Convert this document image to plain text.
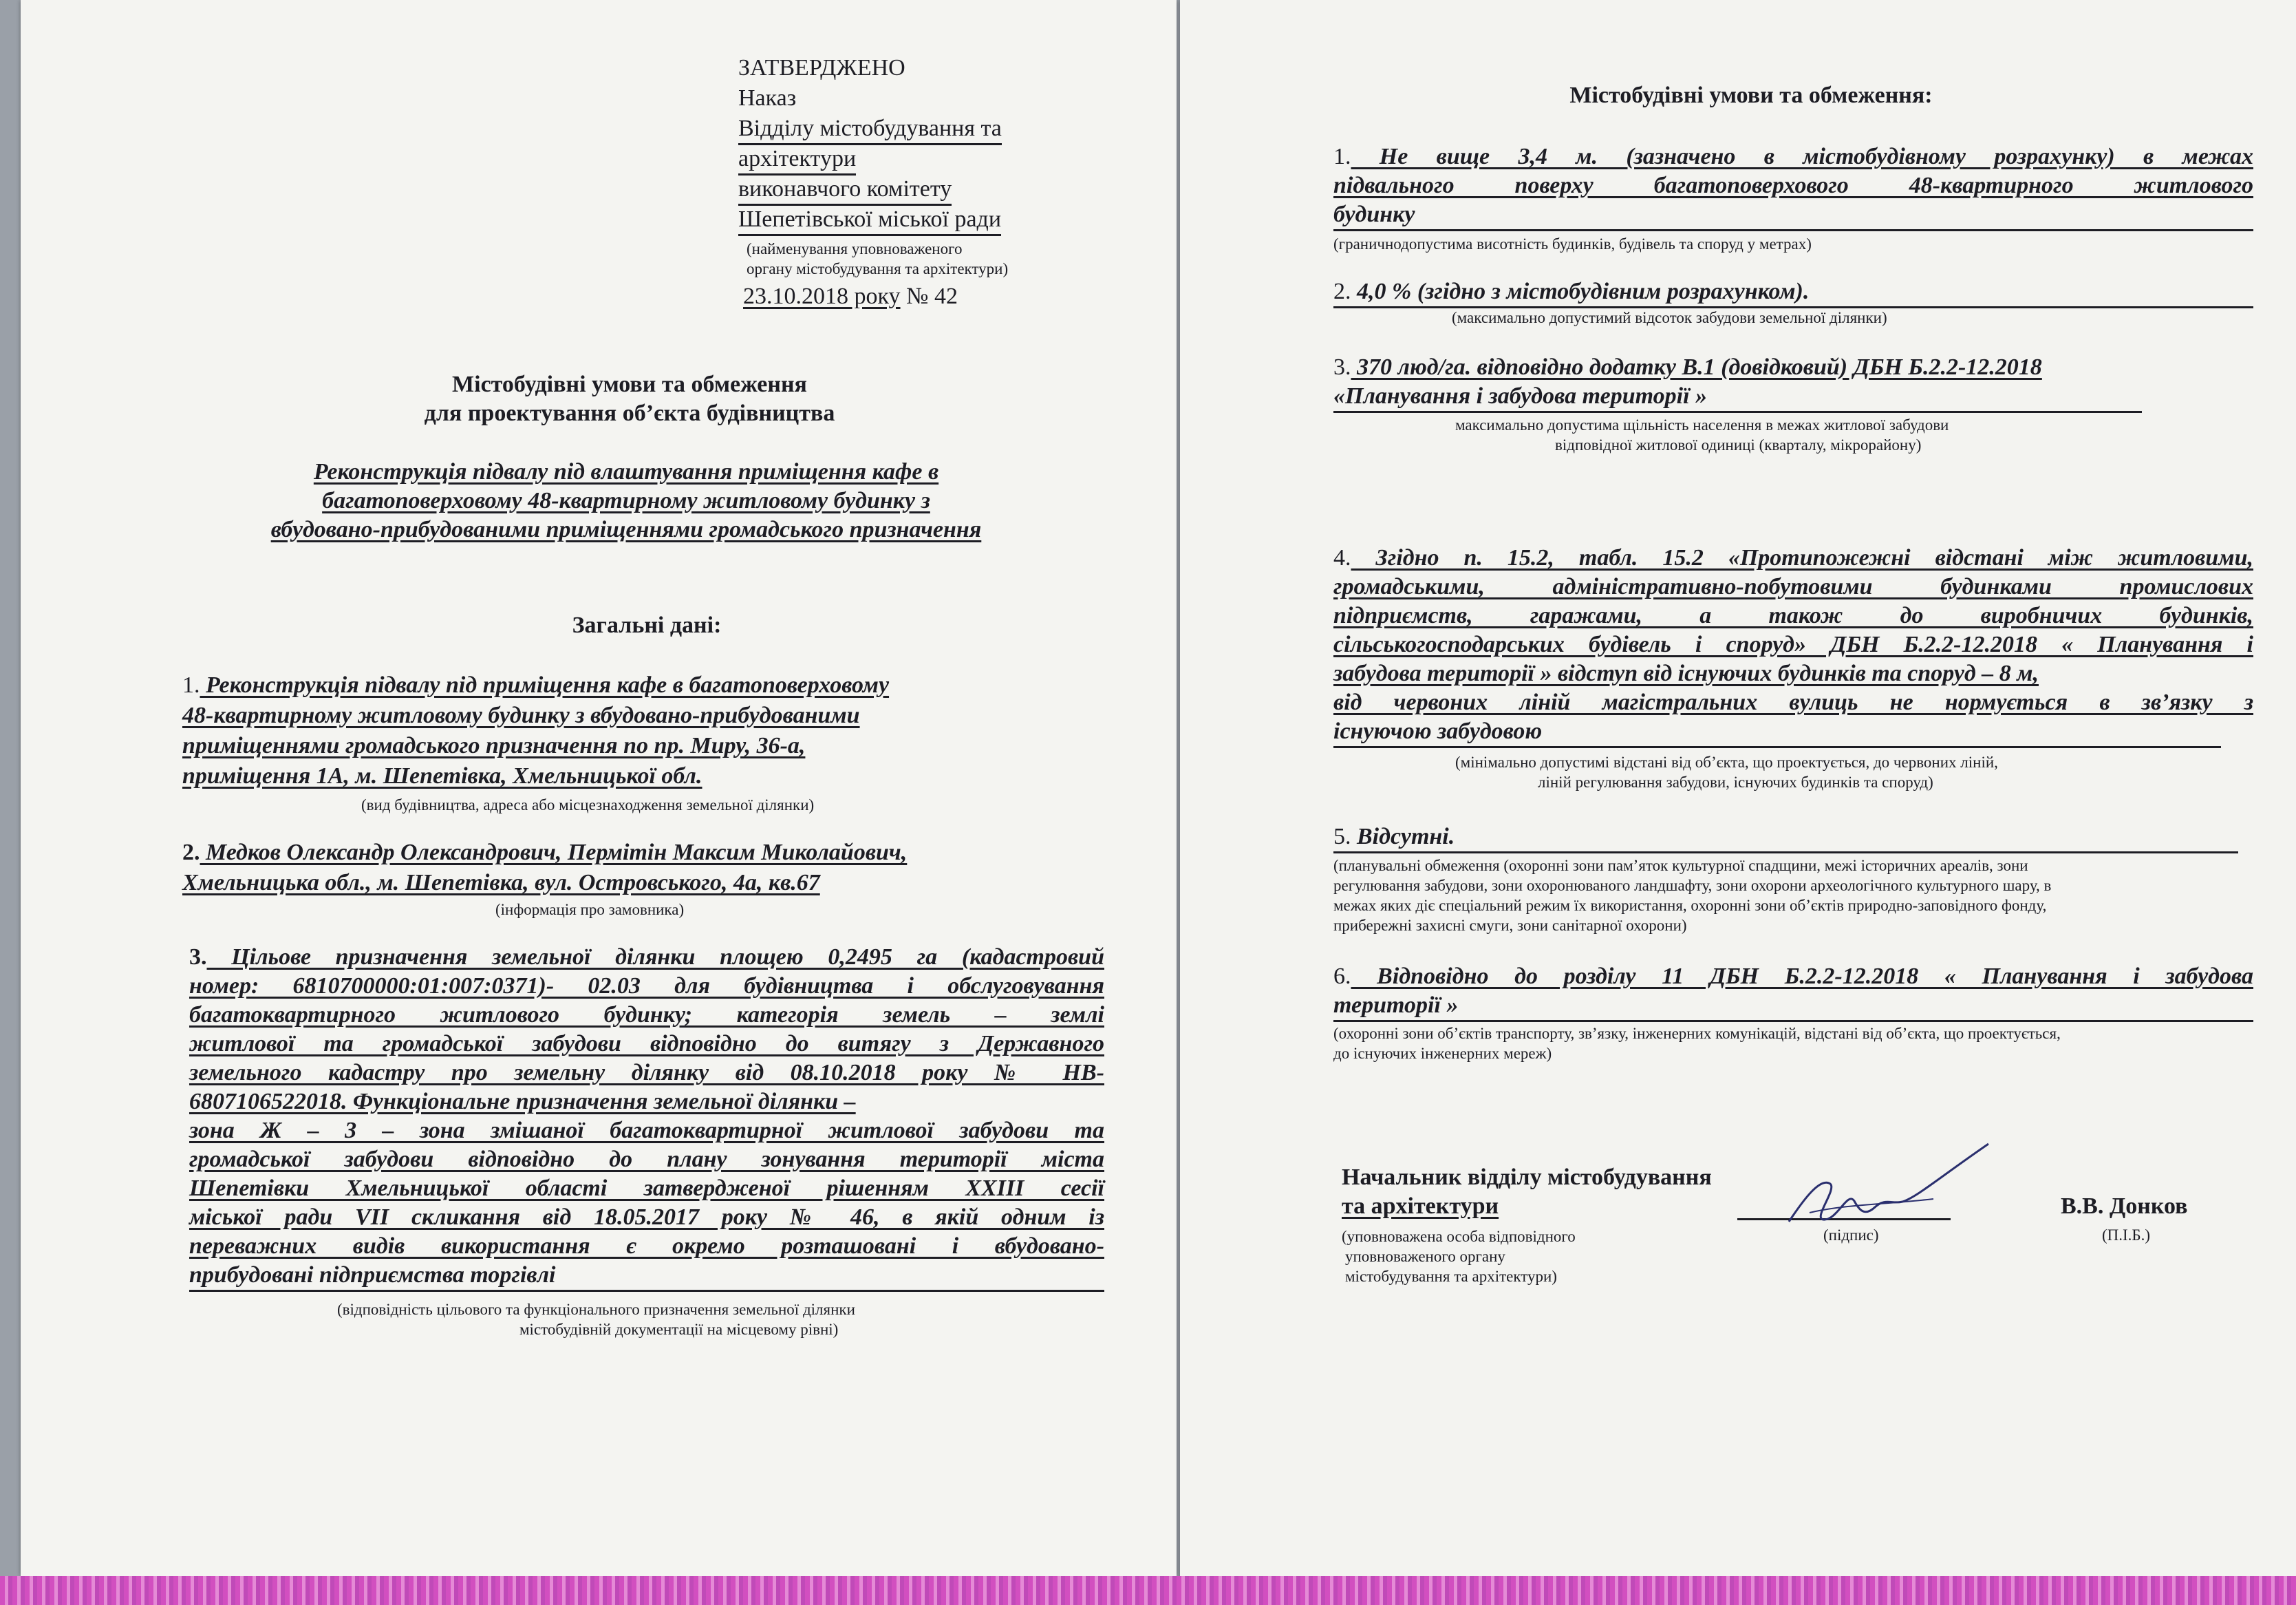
ЗАТВЕРДЖЕНО
Наказ
Відділу містобудування та
архітектури
виконавчого комітету
Шепетівської міської ради
(найменування уповноваженого
органу містобудування та архітектури)
23.10.2018 року № 42
Містобудівні умови та обмеження
для проектування об’єкта будівництва
Реконструкція підвалу під влаштування приміщення кафе в
багатоповерховому 48-квартирному житловому будинку з
вбудовано-прибудованими приміщеннями громадського призначення
Загальні дані:
1. Реконструкція підвалу під приміщення кафе в багатоповерховому
48-квартирному житловому будинку з вбудовано-прибудованими
приміщеннями громадського призначення по пр. Миру, 36-а,
приміщення 1А, м. Шепетівка, Хмельницької обл.
(вид будівництва, адреса або місцезнаходження земельної ділянки)
2. Медков Олександр Олександрович, Пермітін Максим Миколайович,
Хмельницька обл., м. Шепетівка, вул. Островського, 4а, кв.67
(інформація про замовника)
3. Цільове призначення земельної ділянки площею 0,2495 га (кадастровий
номер: 6810700000:01:007:0371)- 02.03 для будівництва і обслуговування
багатоквартирного житлового будинку; категорія земель – землі
житлової та громадської забудови відповідно до витягу з Державного
земельного кадастру про земельну ділянку від 08.10.2018 року № НВ-
6807106522018. Функціональне призначення земельної ділянки –
зона Ж – 3 – зона змішаної багатоквартирної житлової забудови та
громадської забудови відповідно до плану зонування території міста
Шепетівки Хмельницької області затвердженої рішенням XXIII сесії
міської ради VII скликання від 18.05.2017 року № 46, в якій одним із
переважних видів використання є окремо розташовані і вбудовано-
прибудовані підприємства торгівлі
(відповідність цільового та функціонального призначення земельної ділянки
містобудівній документації на місцевому рівні)
Містобудівні умови та обмеження:
1. Не вище 3,4 м. (зазначено в містобудівному розрахунку) в межах
підвального поверху багатоповерхового 48-квартирного житлового
будинку
(граничнодопустима висотність будинків, будівель та споруд у метрах)
2. 4,0 % (згідно з містобудівним розрахунком).
(максимально допустимий відсоток забудови земельної ділянки)
3. 370 люд/га. відповідно додатку В.1 (довідковий) ДБН Б.2.2-12.2018
«Планування і забудова території »
максимально допустима щільність населення в межах житлової забудови
відповідної житлової одиниці (кварталу, мікрорайону)
4. Згідно п. 15.2, табл. 15.2 «Протипожежні відстані між житловими,
громадськими, адміністративно-побутовими будинками промислових
підприємств, гаражами, а також до виробничих будинків,
сільськогосподарських будівель і споруд» ДБН Б.2.2-12.2018 « Планування і
забудова території » відступ від існуючих будинків та споруд – 8 м,
від червоних ліній магістральних вулиць не нормується в зв’язку з
існуючою забудовою
(мінімально допустимі відстані від об’єкта, що проектується, до червоних ліній,
ліній регулювання забудови, існуючих будинків та споруд)
5. Відсутні.
(планувальні обмеження (охоронні зони пам’яток культурної спадщини, межі історичних ареалів, зони
регулювання забудови, зони охоронюваного ландшафту, зони охорони археологічного культурного шару, в
межах яких діє спеціальний режим їх використання, охоронні зони об’єктів природно-заповідного фонду,
прибережні захисні смуги, зони санітарної охорони)
6. Відповідно до розділу 11 ДБН Б.2.2-12.2018 « Планування і забудова
території »
(охоронні зони об’єктів транспорту, зв’язку, інженерних комунікацій, відстані від об’єкта, що проектується,
до існуючих інженерних мереж)
Начальник відділу містобудування
та архітектури
(уповноважена особа відповідного
уповноваженого органу
містобудування та архітектури)
(підпис)
В.В. Донков
(П.І.Б.)
